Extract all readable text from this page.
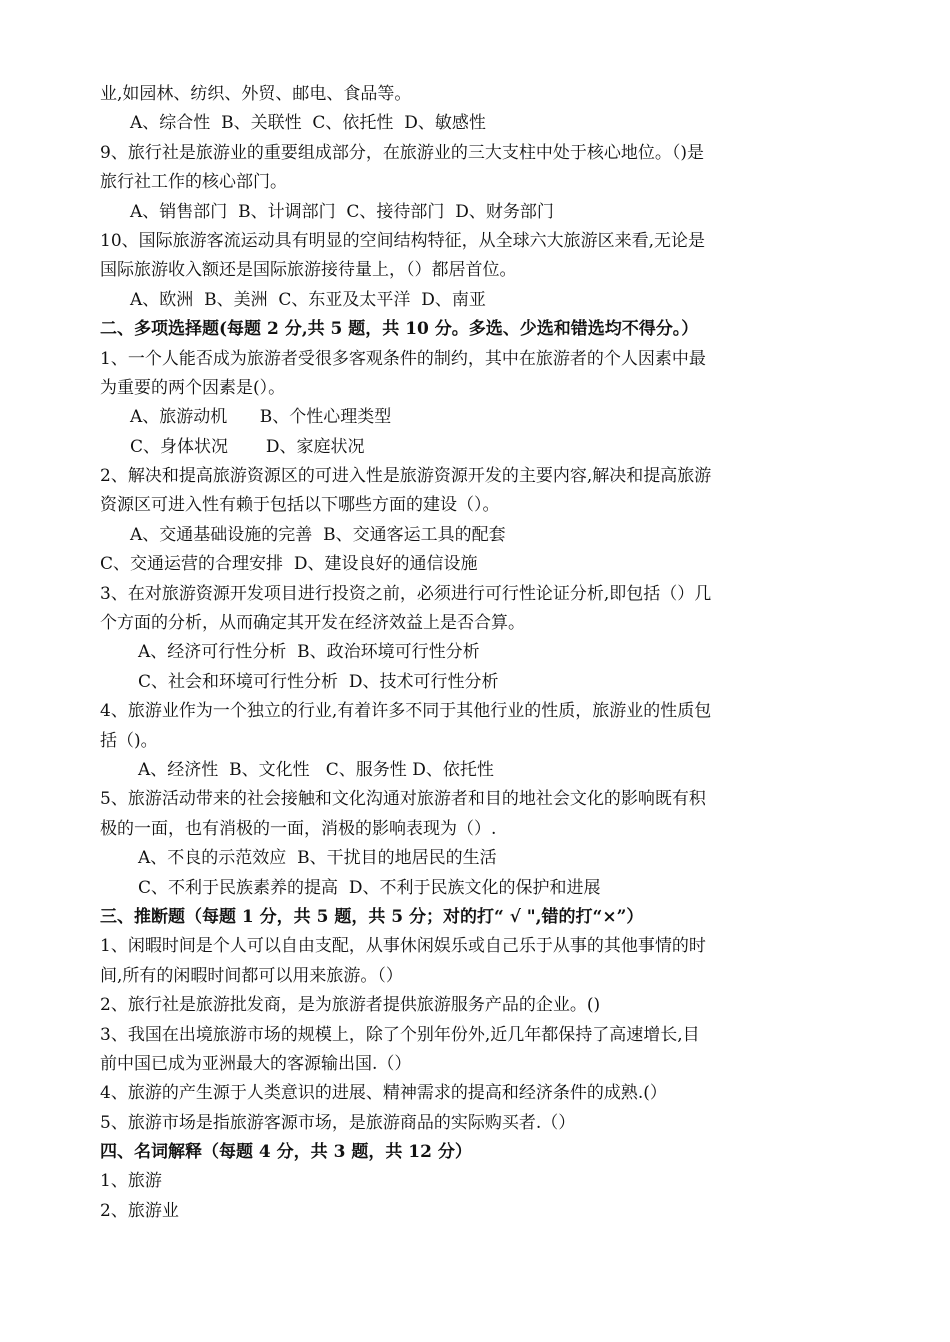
业,如园林、纺织、外贸、邮电、食品等。
A、综合性  B、关联性  C、依托性  D、敏感性
9、旅行社是旅游业的重要组成部分，在旅游业的三大支柱中处于核心地位。（)是
旅行社工作的核心部门。
A、销售部门  B、计调部门  C、接待部门  D、财务部门
10、国际旅游客流运动具有明显的空间结构特征，从全球六大旅游区来看,无论是
国际旅游收入额还是国际旅游接待量上，（）都居首位。
A、欧洲  B、美洲  C、东亚及太平洋  D、南亚
二、多项选择题(每题 2 分,共 5 题，共 10 分。多选、少选和错选均不得分。）
1、一个人能否成为旅游者受很多客观条件的制约，其中在旅游者的个人因素中最
为重要的两个因素是(）。
A、旅游动机      B、个性心理类型
C、身体状况       D、家庭状况
2、解决和提高旅游资源区的可进入性是旅游资源开发的主要内容,解决和提高旅游
资源区可进入性有赖于包括以下哪些方面的建设（）。
A、交通基础设施的完善  B、交通客运工具的配套
C、交通运营的合理安排  D、建设良好的通信设施
3、在对旅游资源开发项目进行投资之前，必须进行可行性论证分析,即包括（）几
个方面的分析，从而确定其开发在经济效益上是否合算。
A、经济可行性分析  B、政治环境可行性分析
C、社会和环境可行性分析  D、技术可行性分析
4、旅游业作为一个独立的行业,有着许多不同于其他行业的性质，旅游业的性质包
括（)。
A、经济性  B、文化性   C、服务性 D、依托性
5、旅游活动带来的社会接触和文化沟通对旅游者和目的地社会文化的影响既有积
极的一面，也有消极的一面，消极的影响表现为（）.
A、不良的示范效应  B、干扰目的地居民的生活
C、不利于民族素养的提高  D、不利于民族文化的保护和进展
三、推断题（每题 1 分，共 5 题，共 5 分；对的打“ √ ",错的打“×”）
1、闲暇时间是个人可以自由支配，从事休闲娱乐或自己乐于从事的其他事情的时
间,所有的闲暇时间都可以用来旅游。（）
2、旅行社是旅游批发商，是为旅游者提供旅游服务产品的企业。()
3、我国在出境旅游市场的规模上，除了个别年份外,近几年都保持了高速增长,目
前中国已成为亚洲最大的客源输出国.（）
4、旅游的产生源于人类意识的进展、精神需求的提高和经济条件的成熟.(）
5、旅游市场是指旅游客源市场，是旅游商品的实际购买者.（）
四、名词解释（每题 4 分，共 3 题，共 12 分）
1、旅游
2、旅游业
